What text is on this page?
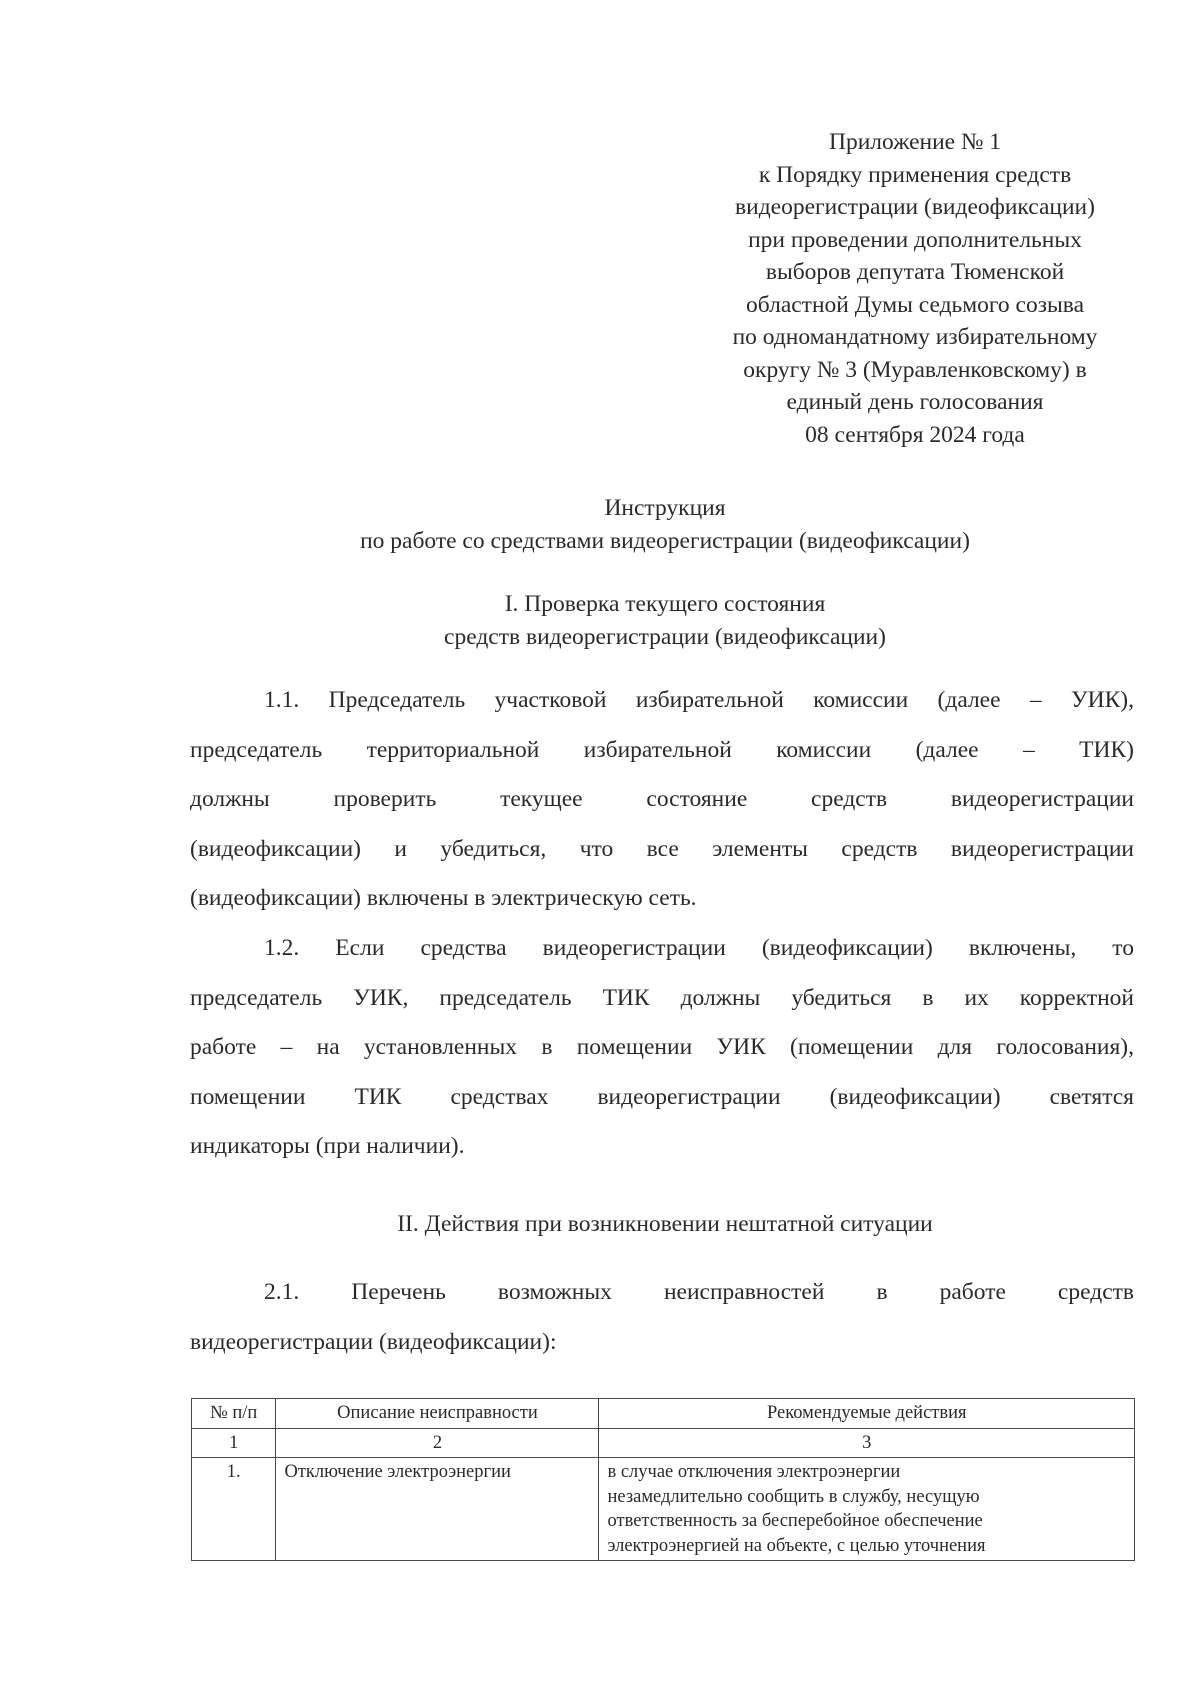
Приложение № 1
к Порядку применения средств
видеорегистрации (видеофиксации)
при проведении дополнительных
выборов депутата Тюменской
областной Думы седьмого созыва
по одномандатному избирательному
округу № 3 (Муравленковскому) в
единый день голосования
08 сентября 2024 года
Инструкция
по работе со средствами видеорегистрации (видеофиксации)
I. Проверка текущего состояния
средств видеорегистрации (видеофиксации)
1.1. Председатель участковой избирательной комиссии (далее – УИК),
председатель территориальной избирательной комиссии (далее – ТИК)
должны проверить текущее состояние средств видеорегистрации
(видеофиксации) и убедиться, что все элементы средств видеорегистрации
(видеофиксации) включены в электрическую сеть.
1.2. Если средства видеорегистрации (видеофиксации) включены, то
председатель УИК, председатель ТИК должны убедиться в их корректной
работе – на установленных в помещении УИК (помещении для голосования),
помещении ТИК средствах видеорегистрации (видеофиксации) светятся
индикаторы (при наличии).
II. Действия при возникновении нештатной ситуации
2.1. Перечень возможных неисправностей в работе средств
видеорегистрации (видеофиксации):
№ п/п	Описание неисправности	Рекомендуемые действия
1	2	3
1.	Отключение электроэнергии	в случае отключения электроэнергии
незамедлительно сообщить в службу, несущую
ответственность за бесперебойное обеспечение
электроэнергией на объекте, с целью уточнения
